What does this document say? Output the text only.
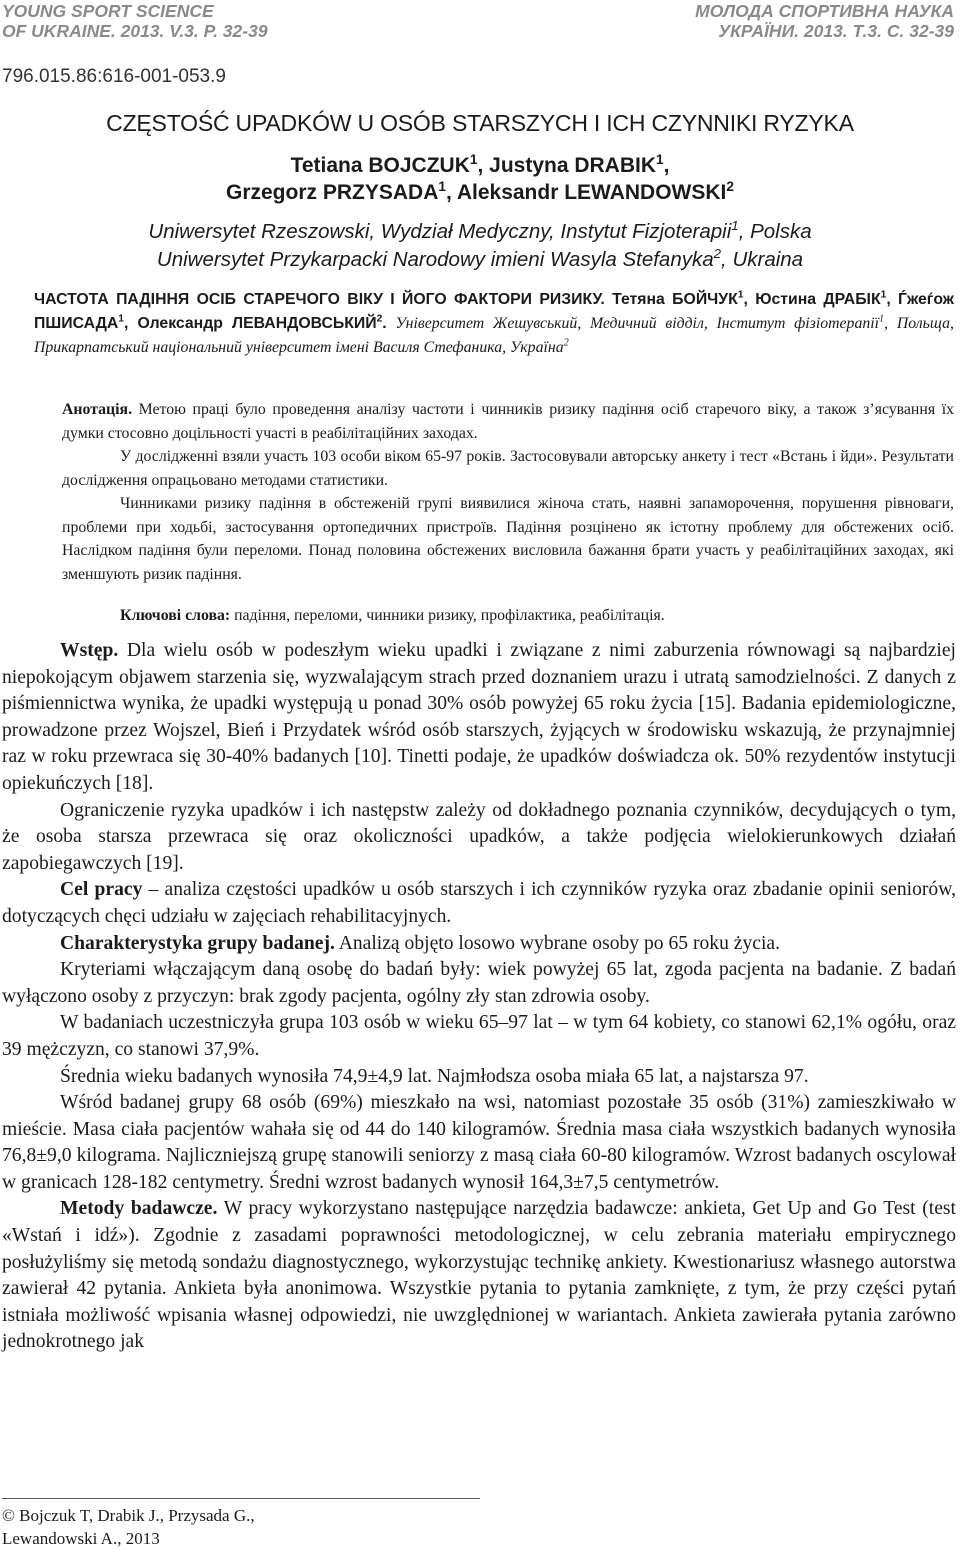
YOUNG SPORT SCIENCE
OF UKRAINE. 2013. V.3. P. 32-39
МОЛОДА СПОРТИВНА НАУКА
УКРАЇНИ. 2013. Т.3. С. 32-39
796.015.86:616-001-053.9
CZĘSTOŚĆ UPADKÓW U OSÓB STARSZYCH I ICH CZYNNIKI RYZYKA
Tetiana BOJCZUK$^1$, Justyna DRABIK$^1$,
Grzegorz PRZYSADA$^1$, Aleksandr LEWANDOWSKI$^2$
Uniwersytet Rzeszowski, Wydział Medyczny, Instytut Fizjoterapii$^1$, Polska
Uniwersytet Przykarpacki Narodowy imieni Wasyla Stefanyka$^2$, Ukraina
ЧАСТОТА ПАДІННЯ ОСІБ СТАРЕЧОГО ВІКУ І ЙОГО ФАКТОРИ РИЗИКУ. Тетяна БОЙЧУК$^1$, Юстина ДРАБІК$^1$, Ѓжеѓож ПШИСАДА$^1$, Олександр ЛЕВАНДОВСЬКИЙ$^2$. Університет Жешувський, Медичний відділ, Інститут фізіотерапії$^1$, Польща, Прикарпатський національний університет імені Василя Стефаника, Україна$^2$

Анотація. Метою праці було проведення аналізу частоти і чинників ризику падіння осіб старечого віку, а також з’ясування їх думки стосовно доцільності участі в реабілітаційних заходах.

У дослідженні взяли участь 103 особи віком 65-97 років. Застосовували авторську анкету і тест «Встань і йди». Результати дослідження опрацьовано методами статистики.

Чинниками ризику падіння в обстеженій групі виявилися жіноча стать, наявні запаморочення, порушення рівноваги, проблеми при ходьбі, застосування ортопедичних пристроїв. Падіння розцінено як істотну проблему для обстежених осіб. Наслідком падіння були переломи. Понад половина обстежених висловила бажання брати участь у реабілітаційних заходах, які зменшують ризик падіння.

Ключові слова: падіння, переломи, чинники ризику, профілактика, реабілітація.

Wstęp. Dla wielu osób w podeszłym wieku upadki i związane z nimi zaburzenia równowagi są najbardziej niepokojącym objawem starzenia się, wyzwalającym strach przed doznaniem urazu i utratą samodzielności. Z danych z piśmiennictwa wynika, że upadki występują u ponad 30% osób powyżej 65 roku życia [15]. Badania epidemiologiczne, prowadzone przez Wojszel, Bień i Przydatek wśród osób starszych, żyjących w środowisku wskazują, że przynajmniej raz w roku przewraca się 30-40% badanych [10]. Tinetti podaje, że upadków doświadcza ok. 50% rezydentów instytucji opiekuńczych [18].

Ograniczenie ryzyka upadków i ich następstw zależy od dokładnego poznania czynników, decydujących o tym, że osoba starsza przewraca się oraz okoliczności upadków, a także podjęcia wielokierunkowych działań zapobiegawczych [19].

Cel pracy – analiza częstości upadków u osób starszych i ich czynników ryzyka oraz zbadanie opinii seniorów, dotyczących chęci udziału w zajęciach rehabilitacyjnych.

Charakterystyka grupy badanej. Analizą objęto losowo wybrane osoby po 65 roku życia.

Kryteriami włączającym daną osobę do badań były: wiek powyżej 65 lat, zgoda pacjenta na badanie. Z badań wyłączono osoby z przyczyn: brak zgody pacjenta, ogólny zły stan zdrowia osoby.

W badaniach uczestniczyła grupa 103 osób w wieku 65–97 lat – w tym 64 kobiety, co stanowi 62,1% ogółu, oraz 39 mężczyzn, co stanowi 37,9%.

Średnia wieku badanych wynosiła 74,9±4,9 lat. Najmłodsza osoba miała 65 lat, a najstarsza 97.

Wśród badanej grupy 68 osób (69%) mieszkało na wsi, natomiast pozostałe 35 osób (31%) zamieszkiwało w mieście. Masa ciała pacjentów wahała się od 44 do 140 kilogramów. Średnia masa ciała wszystkich badanych wynosiła 76,8±9,0 kilograma. Najliczniejszą grupę stanowili seniorzy z masą ciała 60-80 kilogramów. Wzrost badanych oscylował w granicach 128-182 centymetry. Średni wzrost badanych wynosił 164,3±7,5 centymetrów.

Metody badawcze. W pracy wykorzystano następujące narzędzia badawcze: ankieta, Get Up and Go Test (test «Wstań i idź»). Zgodnie z zasadami poprawności metodologicznej, w celu zebrania materiału empirycznego posłużyliśmy się metodą sondażu diagnostycznego, wykorzystując technikę ankiety. Kwestionariusz własnego autorstwa zawierał 42 pytania. Ankieta była anonimowa. Wszystkie pytania to pytania zamknięte, z tym, że przy części pytań istniała możliwość wpisania własnej odpowiedzi, nie uwzględnionej w wariantach. Ankieta zawierała pytania zarówno jednokrotnego jak

© Bojczuk T, Drabik J., Przysada G.,
Lewandowski A., 2013
